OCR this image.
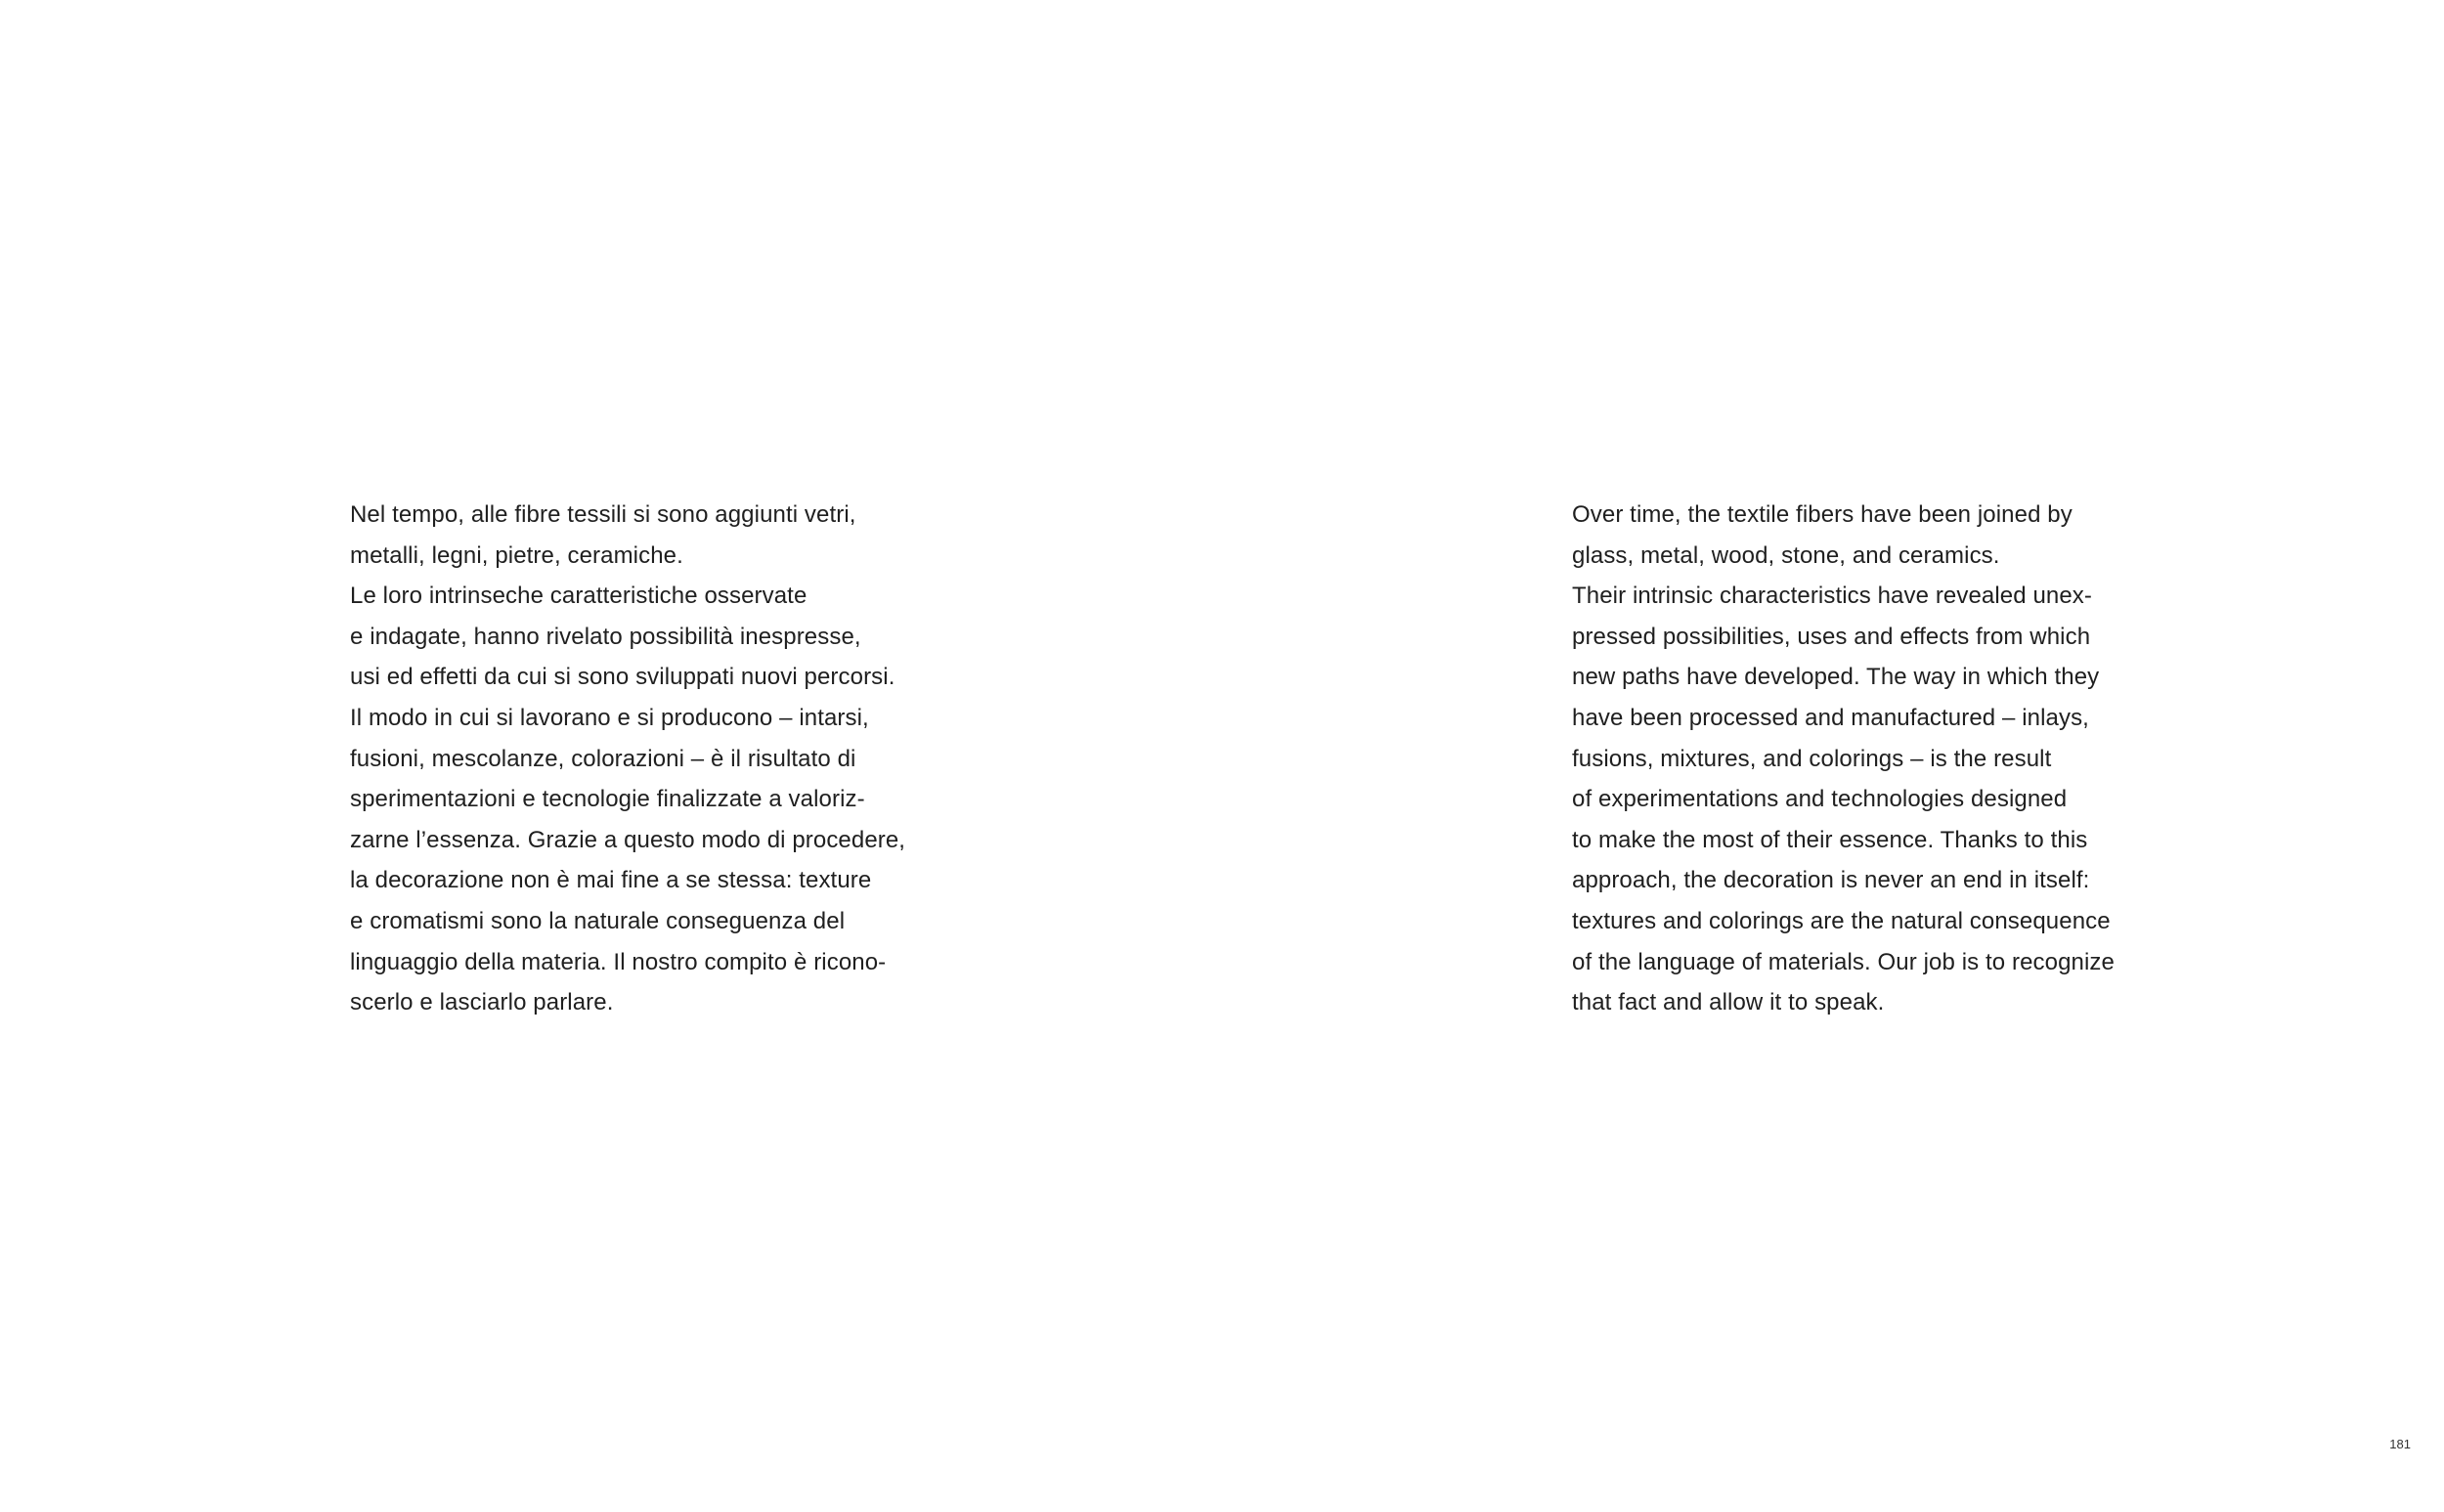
Nel tempo, alle fibre tessili si sono aggiunti vetri,
metalli, legni, pietre, ceramiche.
Le loro intrinseche caratteristiche osservate
e indagate, hanno rivelato possibilità inespresse,
usi ed effetti da cui si sono sviluppati nuovi percorsi.
Il modo in cui si lavorano e si producono – intarsi,
fusioni, mescolanze, colorazioni – è il risultato di
sperimentazioni e tecnologie finalizzate a valoriz-
zarne l’essenza. Grazie a questo modo di procedere,
la decorazione non è mai fine a se stessa: texture
e cromatismi sono la naturale conseguenza del
linguaggio della materia. Il nostro compito è ricono-
scerlo e lasciarlo parlare.
Over time, the textile fibers have been joined by
glass, metal, wood, stone, and ceramics.
Their intrinsic characteristics have revealed unex-
pressed possibilities, uses and effects from which
new paths have developed. The way in which they
have been processed and manufactured – inlays,
fusions, mixtures, and colorings – is the result
of experimentations and technologies designed
to make the most of their essence. Thanks to this
approach, the decoration is never an end in itself:
textures and colorings are the natural consequence
of the language of materials. Our job is to recognize
that fact and allow it to speak.
181
